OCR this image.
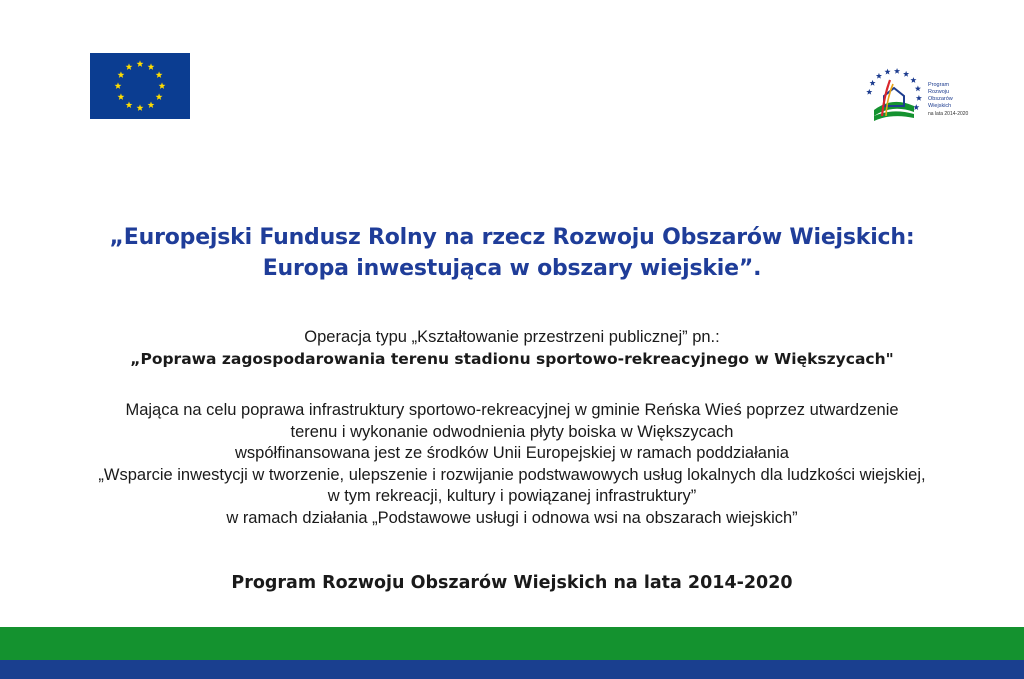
Program
Rozwoju
Obszarów
Wiejskich
na lata 2014-2020
„Europejski Fundusz Rolny na rzecz Rozwoju Obszarów Wiejskich:
Europa inwestująca w obszary wiejskie”.
Operacja typu „Kształtowanie przestrzeni publicznej” pn.:
„Poprawa zagospodarowania terenu stadionu sportowo-rekreacyjnego w Większycach"
Mająca na celu poprawa infrastruktury sportowo-rekreacyjnej w gminie Reńska Wieś poprzez utwardzenie
terenu i wykonanie odwodnienia płyty boiska w Większycach
współfinansowana jest ze środków Unii Europejskiej w ramach poddziałania
„Wsparcie inwestycji w tworzenie, ulepszenie i rozwijanie podstwawowych usług lokalnych dla ludzkości wiejskiej,
w tym rekreacji, kultury i powiązanej infrastruktury”
w ramach działania „Podstawowe usługi i odnowa wsi na obszarach wiejskich”
Program Rozwoju Obszarów Wiejskich na lata 2014-2020
